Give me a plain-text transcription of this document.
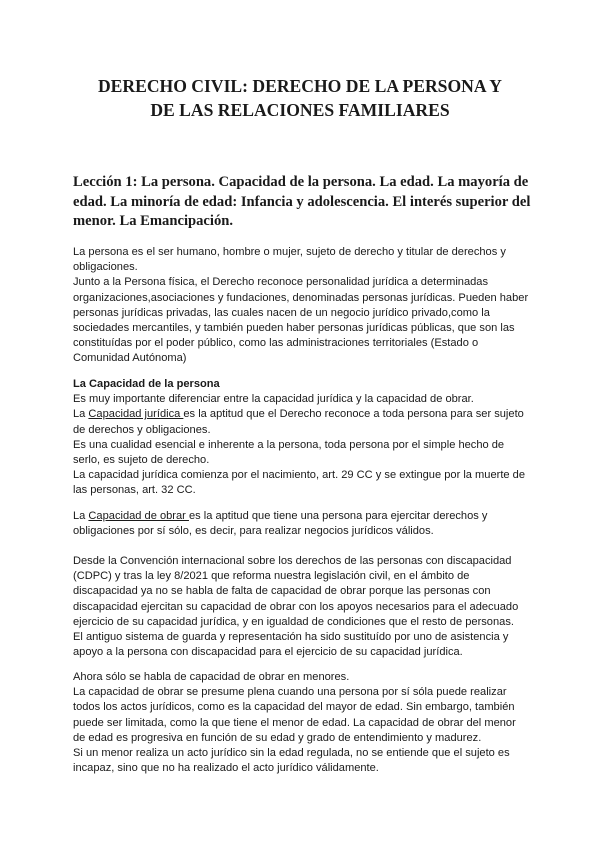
DERECHO CIVIL: DERECHO DE LA PERSONA Y
DE LAS RELACIONES FAMILIARES
Lección 1: La persona. Capacidad de la persona. La edad. La mayoría de
edad. La minoría de edad: Infancia y adolescencia. El interés superior del
menor. La Emancipación.
La persona es el ser humano, hombre o mujer, sujeto de derecho y titular de derechos y
obligaciones.
Junto a la Persona física, el Derecho reconoce personalidad jurídica a determinadas
organizaciones,asociaciones y fundaciones, denominadas personas jurídicas. Pueden haber
personas jurídicas privadas, las cuales nacen de un negocio jurídico privado,como la
sociedades mercantiles, y también pueden haber personas jurídicas públicas, que son las
constituídas por el poder público, como las administraciones territoriales (Estado o
Comunidad Autónoma)
La Capacidad de la persona
Es muy importante diferenciar entre la capacidad jurídica y la capacidad de obrar.
La Capacidad jurídica es la aptitud que el Derecho reconoce a toda persona para ser sujeto
de derechos y obligaciones.
Es una cualidad esencial e inherente a la persona, toda persona por el simple hecho de
serlo, es sujeto de derecho.
La capacidad jurídica comienza por el nacimiento, art. 29 CC y se extingue por la muerte de
las personas, art. 32 CC.
La Capacidad de obrar es la aptitud que tiene una persona para ejercitar derechos y
obligaciones por sí sólo, es decir, para realizar negocios jurídicos válidos.
Desde la Convención internacional sobre los derechos de las personas con discapacidad
(CDPC) y tras la ley 8/2021 que reforma nuestra legislación civil, en el ámbito de
discapacidad ya no se habla de falta de capacidad de obrar porque las personas con
discapacidad ejercitan su capacidad de obrar con los apoyos necesarios para el adecuado
ejercicio de su capacidad jurídica, y en igualdad de condiciones que el resto de personas.
El antiguo sistema de guarda y representación ha sido sustituído por uno de asistencia y
apoyo a la persona con discapacidad para el ejercicio de su capacidad jurídica.
Ahora sólo se habla de capacidad de obrar en menores.
La capacidad de obrar se presume plena cuando una persona por sí sóla puede realizar
todos los actos jurídicos, como es la capacidad del mayor de edad. Sin embargo, también
puede ser limitada, como la que tiene el menor de edad. La capacidad de obrar del menor
de edad es progresiva en función de su edad y grado de entendimiento y madurez.
Si un menor realiza un acto jurídico sin la edad regulada, no se entiende que el sujeto es
incapaz, sino que no ha realizado el acto jurídico válidamente.
